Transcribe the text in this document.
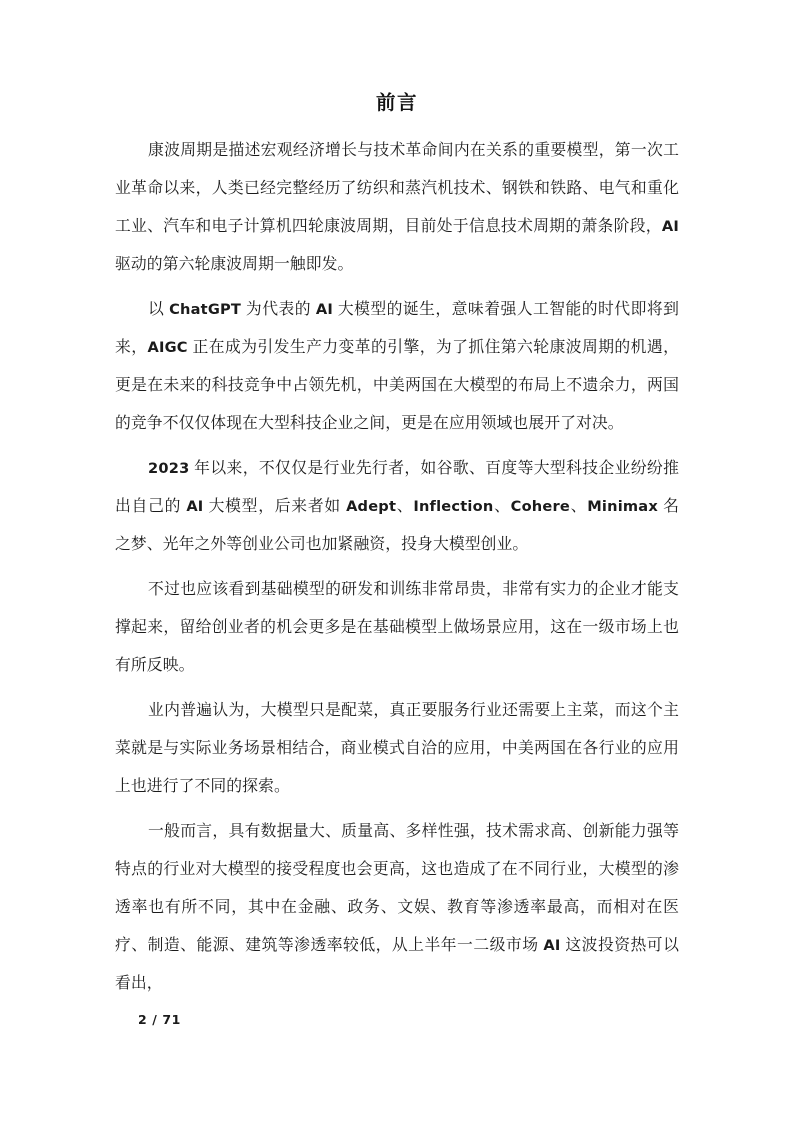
前言

康波周期是描述宏观经济增长与技术革命间内在关系的重要模型，第一次工业革命以来，人类已经完整经历了纺织和蒸汽机技术、钢铁和铁路、电气和重化工业、汽车和电子计算机四轮康波周期，目前处于信息技术周期的萧条阶段，AI 驱动的第六轮康波周期一触即发。

以 ChatGPT 为代表的 AI 大模型的诞生，意味着强人工智能的时代即将到来，AIGC 正在成为引发生产力变革的引擎，为了抓住第六轮康波周期的机遇，更是在未来的科技竞争中占领先机，中美两国在大模型的布局上不遗余力，两国的竞争不仅仅体现在大型科技企业之间，更是在应用领域也展开了对决。

2023 年以来，不仅仅是行业先行者，如谷歌、百度等大型科技企业纷纷推出自己的 AI 大模型，后来者如 Adept、Inflection、Cohere、Minimax 名之梦、光年之外等创业公司也加紧融资，投身大模型创业。

不过也应该看到基础模型的研发和训练非常昂贵，非常有实力的企业才能支撑起来，留给创业者的机会更多是在基础模型上做场景应用，这在一级市场上也有所反映。

业内普遍认为，大模型只是配菜，真正要服务行业还需要上主菜，而这个主菜就是与实际业务场景相结合，商业模式自洽的应用，中美两国在各行业的应用上也进行了不同的探索。

一般而言，具有数据量大、质量高、多样性强，技术需求高、创新能力强等特点的行业对大模型的接受程度也会更高，这也造成了在不同行业，大模型的渗透率也有所不同，其中在金融、政务、文娱、教育等渗透率最高，而相对在医疗、制造、能源、建筑等渗透率较低，从上半年一二级市场 AI 这波投资热可以看出，

2 / 71
